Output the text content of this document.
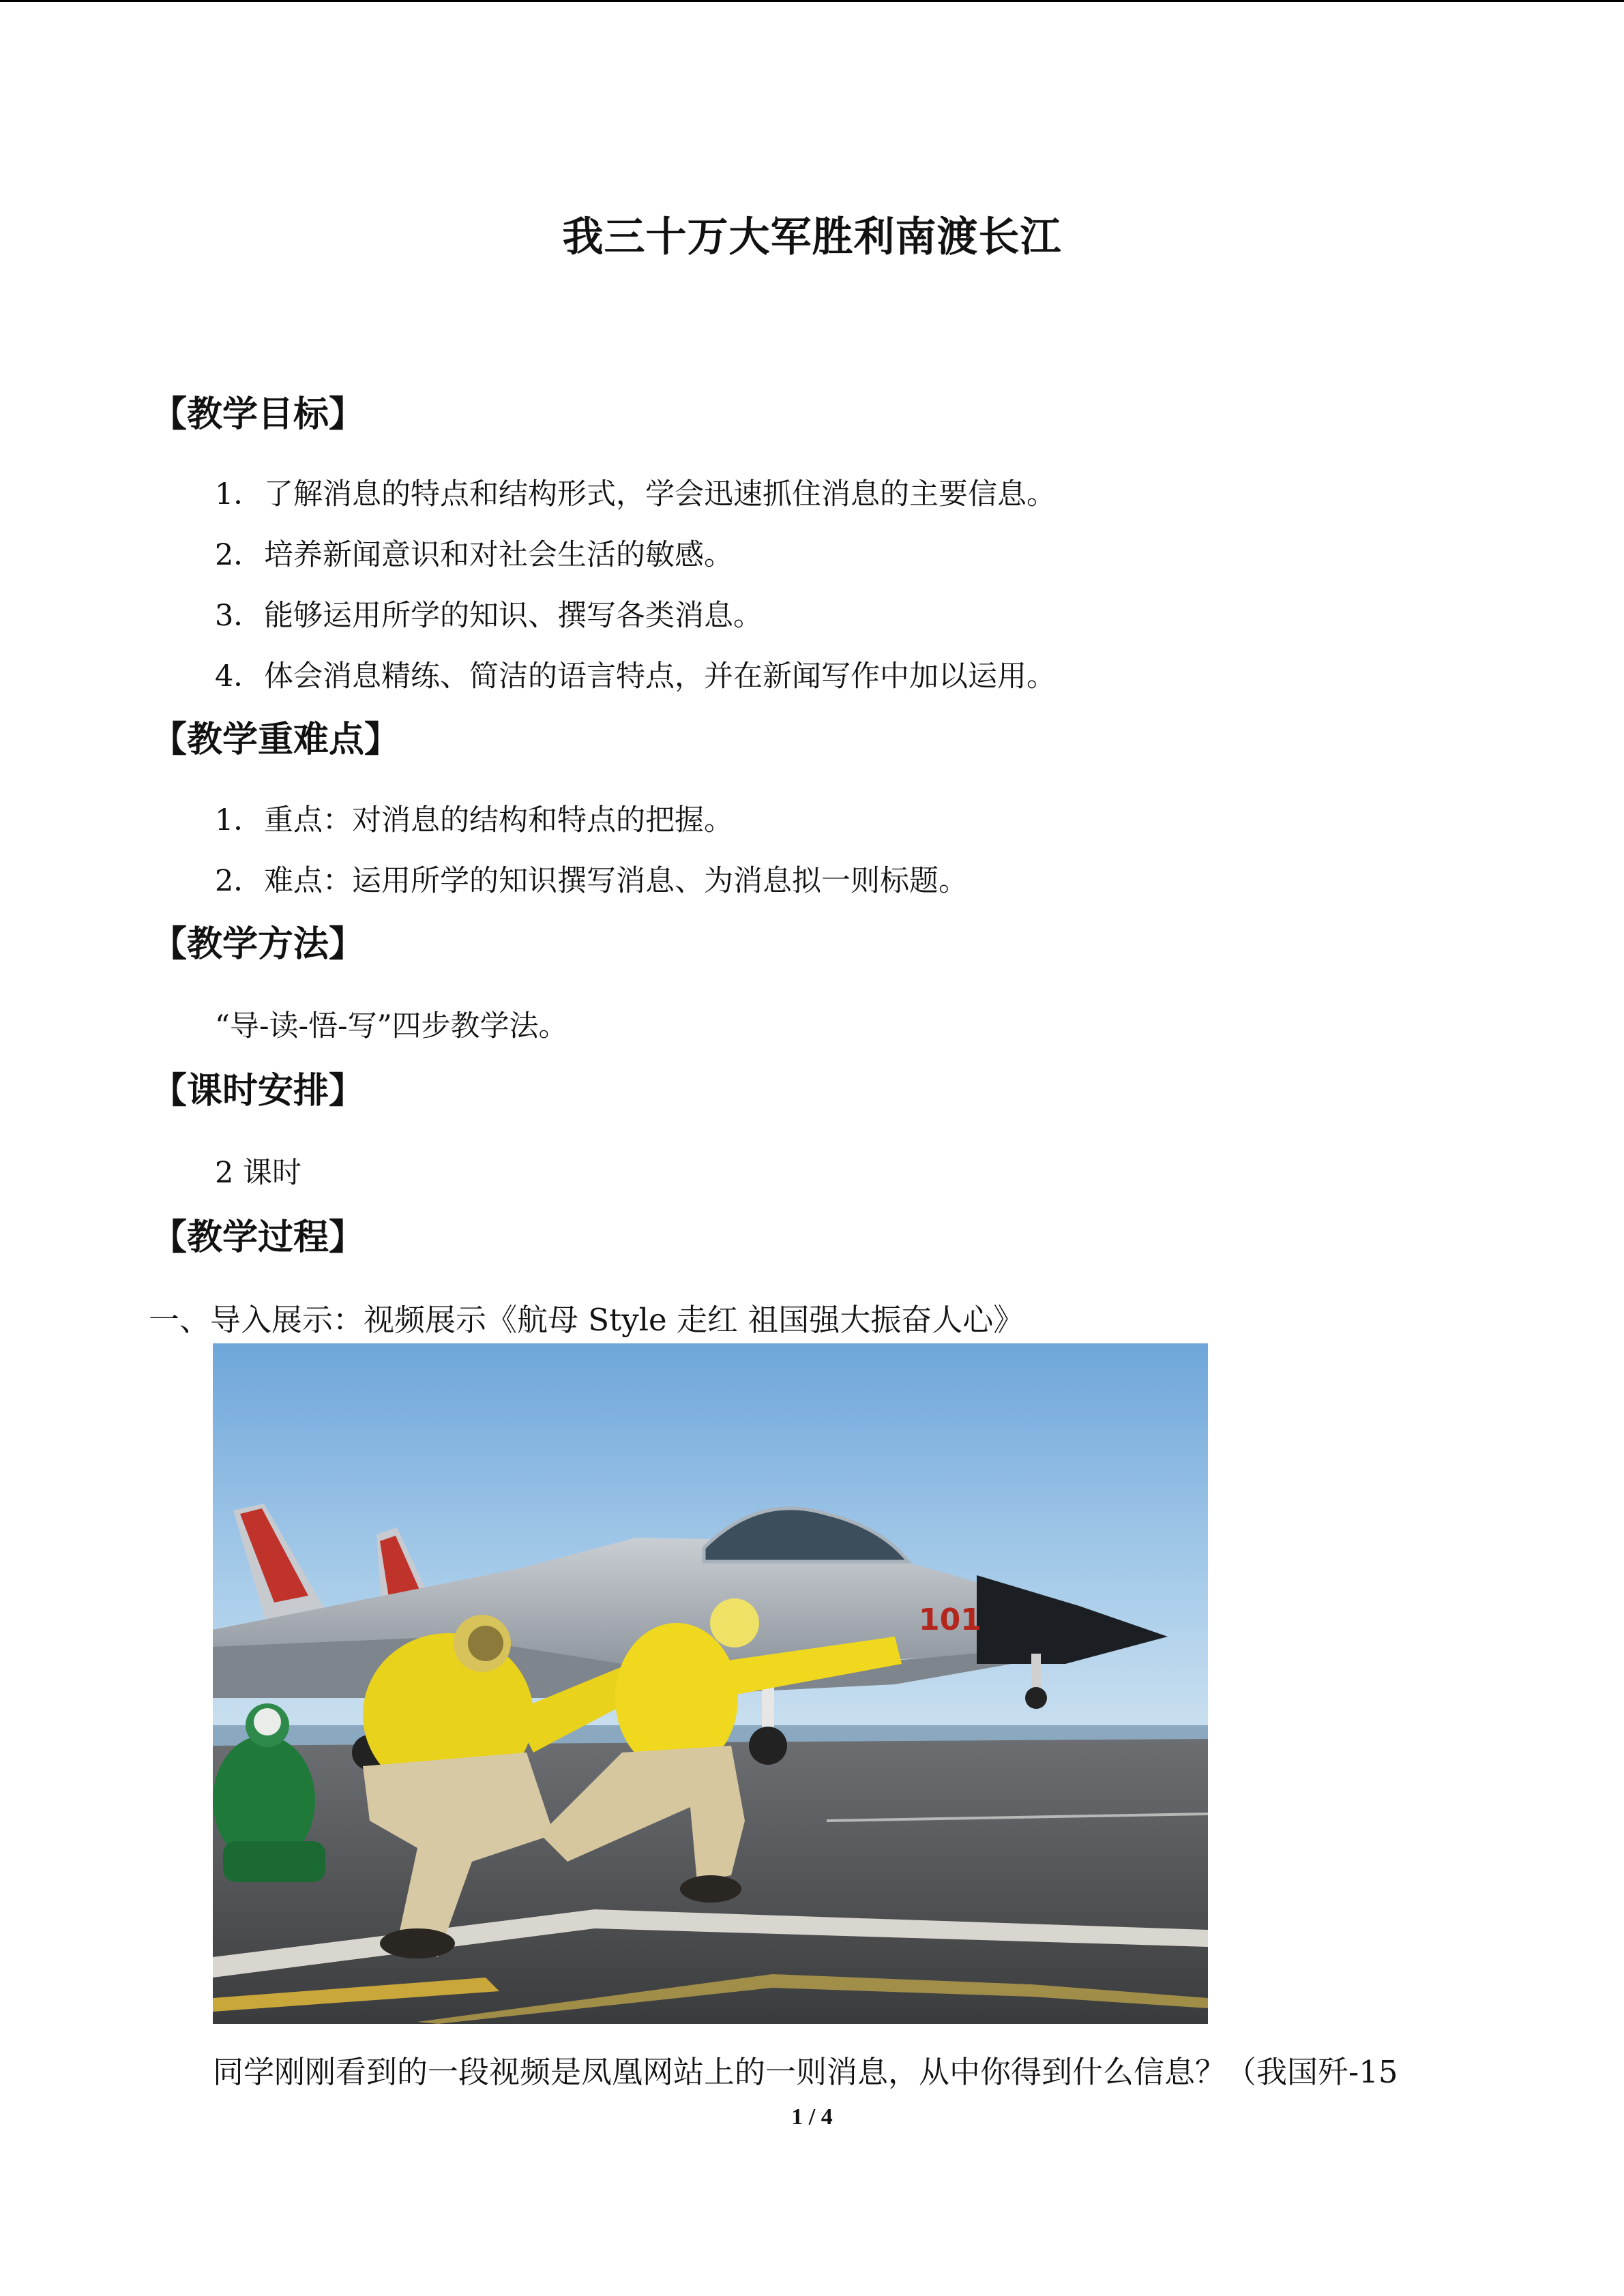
我三十万大军胜利南渡长江
【教学目标】
1．了解消息的特点和结构形式，学会迅速抓住消息的主要信息。
2．培养新闻意识和对社会生活的敏感。
3．能够运用所学的知识、撰写各类消息。
4．体会消息精练、简洁的语言特点，并在新闻写作中加以运用。
【教学重难点】
1．重点：对消息的结构和特点的把握。
2．难点：运用所学的知识撰写消息、为消息拟一则标题。
【教学方法】
“导-读-悟-写”四步教学法。
【课时安排】
2 课时
【教学过程】
一、导入展示：视频展示《航母 Style 走红 祖国强大振奋人心》
101
同学刚刚看到的一段视频是凤凰网站上的一则消息，从中你得到什么信息？（我国歼-15
1 / 4
